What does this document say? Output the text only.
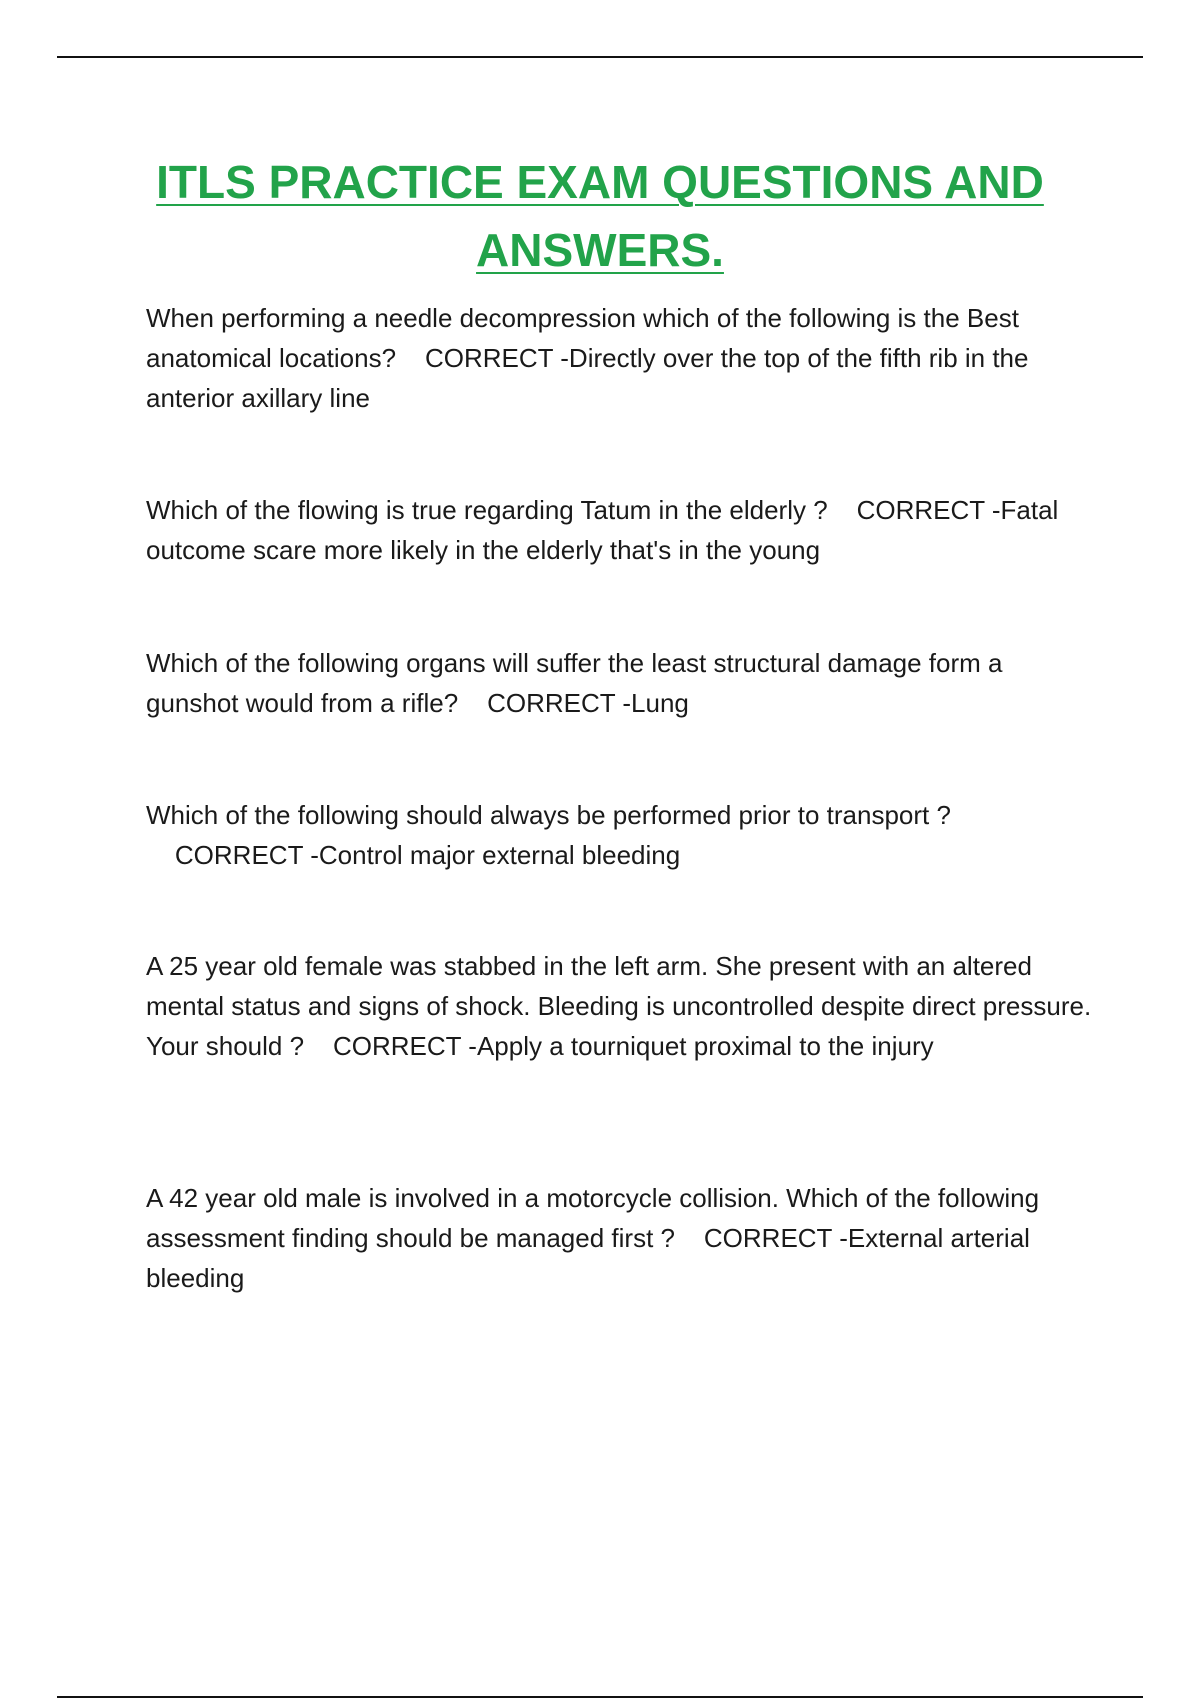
ITLS PRACTICE EXAM QUESTIONS AND
ANSWERS.

When performing a needle decompression which of the following is the Best anatomical locations? CORRECT -Directly over the top of the fifth rib in the anterior axillary line

Which of the flowing is true regarding Tatum in the elderly ? CORRECT -Fatal outcome scare more likely in the elderly that's in the young

Which of the following organs will suffer the least structural damage form a gunshot would from a rifle? CORRECT -Lung

Which of the following should always be performed prior to transport ?    CORRECT -Control major external bleeding

A 25 year old female was stabbed in the left arm. She present with an altered mental status and signs of shock. Bleeding is uncontrolled despite direct pressure. Your should ? CORRECT -Apply a tourniquet proximal to the injury

A 42 year old male is involved in a motorcycle collision. Which of the following assessment finding should be managed first ? CORRECT -External arterial bleeding
